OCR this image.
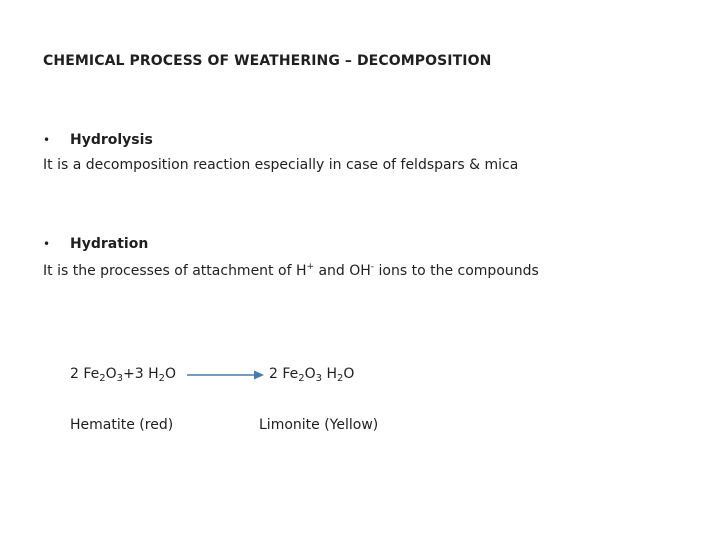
CHEMICAL PROCESS OF WEATHERING – DECOMPOSITION
• Hydrolysis
It is a decomposition reaction especially in case of feldspars & mica
• Hydration
It is the processes of attachment of H+ and OH- ions to the compounds
2 $Fe_2O_3+3$ $H_2O$	2 $Fe_2O_3$ $H_2O$
Hematite (red)	Limonite (Yellow)
